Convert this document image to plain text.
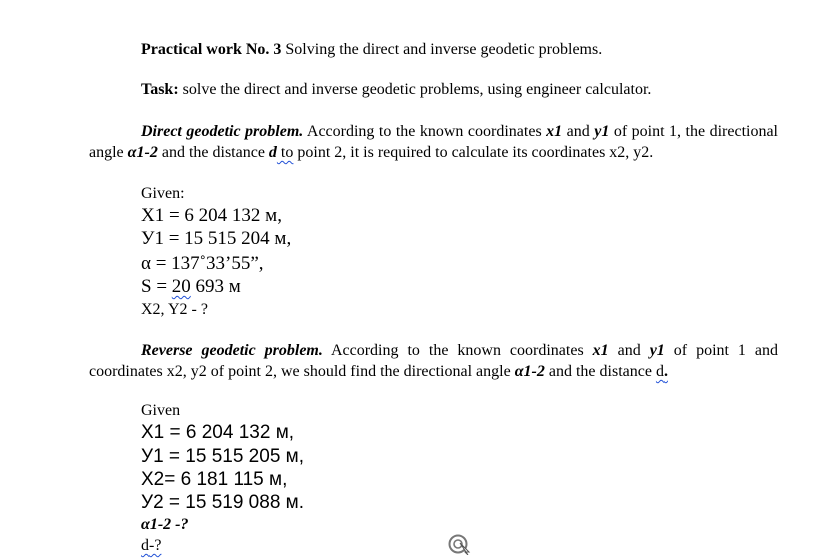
Practical work No. 3 Solving the direct and inverse geodetic problems.

Task: solve the direct and inverse geodetic problems, using engineer calculator.

Direct geodetic problem. According to the known coordinates x1 and y1 of point 1, the directional angle α1-2 and the distance d to point 2, it is required to calculate its coordinates x2, y2.

Given:

X1 = 6 204 132 м,

У1 = 15 515 204 м,

α = 137˚33’55”,

S = 20 693 м

X2, Y2 - ?

Reverse geodetic problem. According to the known coordinates x1 and y1 of point 1 and coordinates x2, y2 of point 2, we should find the directional angle α1-2 and the distance d.

Given

X1 = 6 204 132 м,

У1 = 15 515 205 м,

X2= 6 181 115 м,

У2 = 15 519 088 м.

α1-2 -?

d-?
